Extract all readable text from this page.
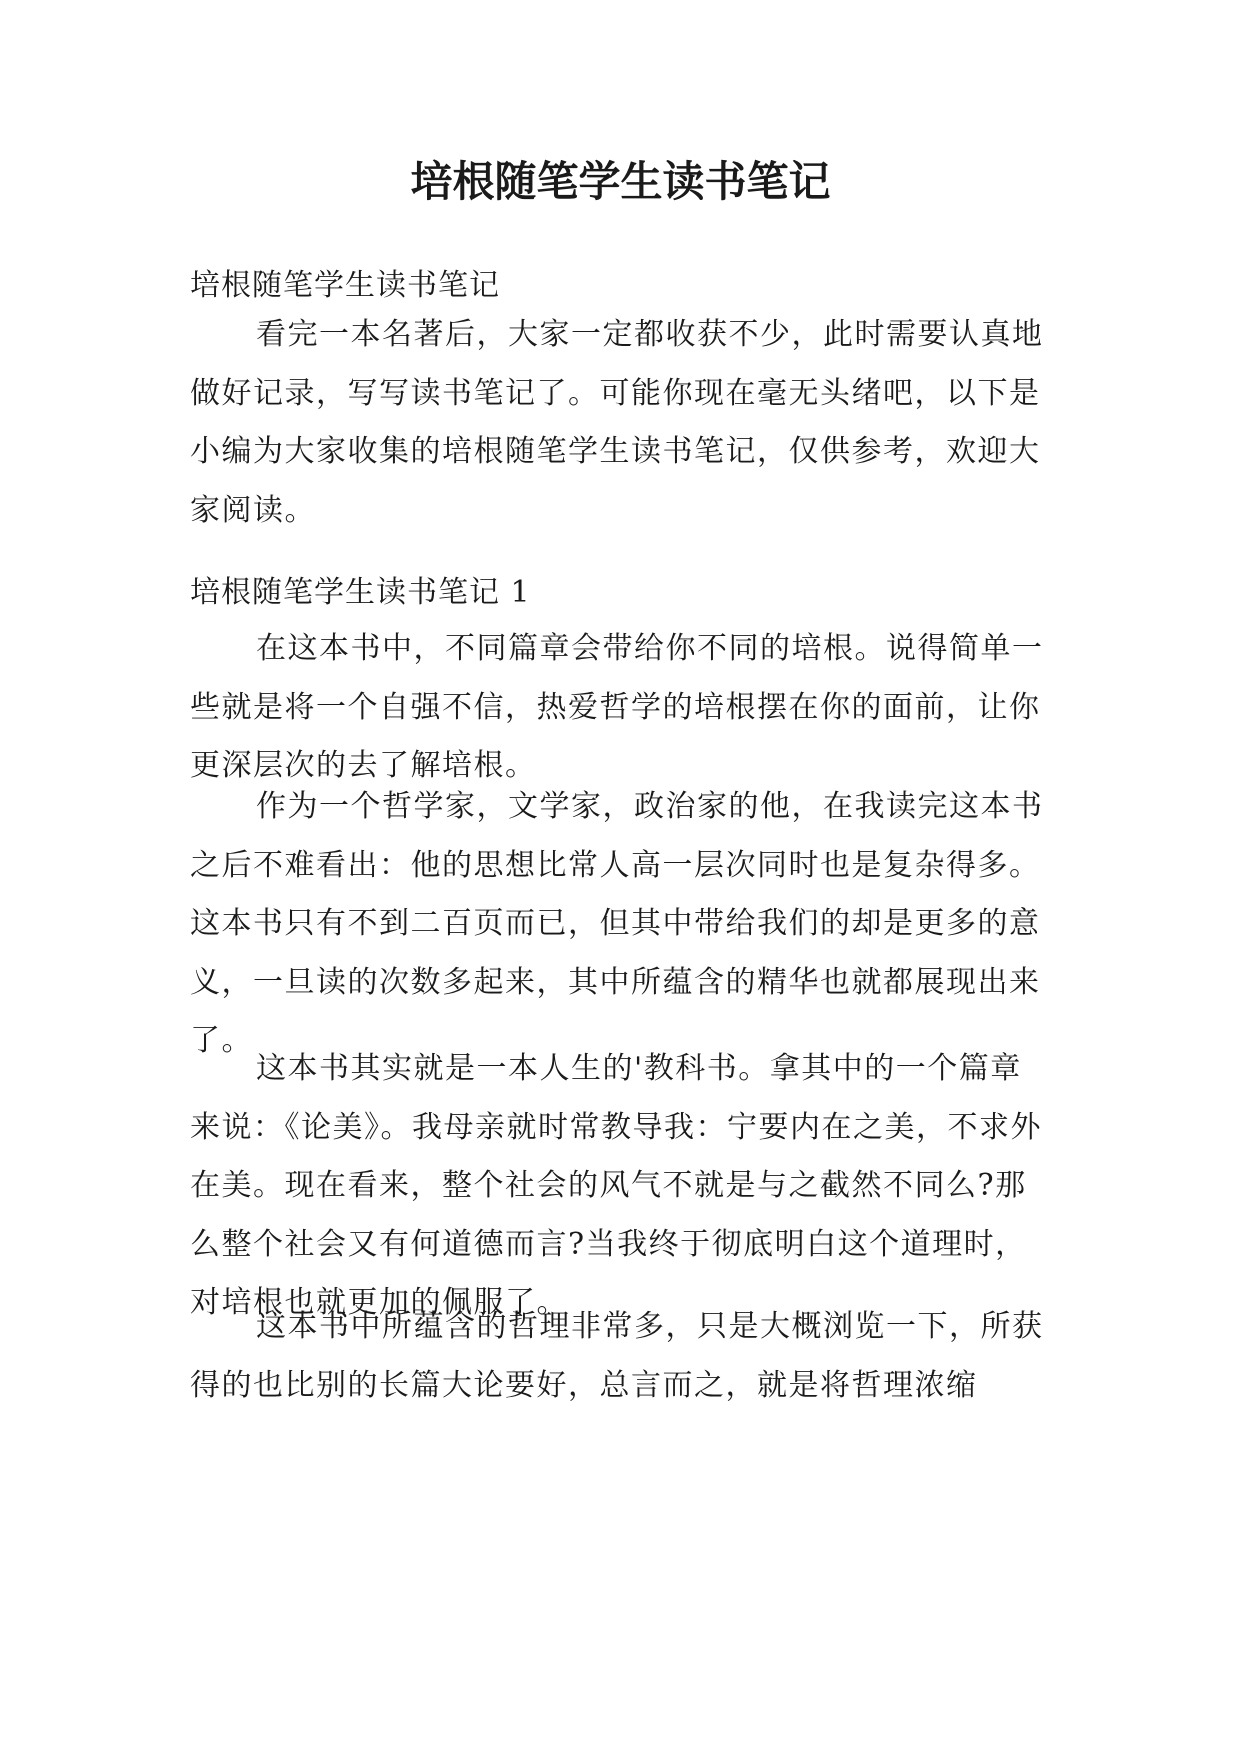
培根随笔学生读书笔记

培根随笔学生读书笔记

看完一本名著后，大家一定都收获不少，此时需要认真地做好记录，写写读书笔记了。可能你现在毫无头绪吧，以下是小编为大家收集的培根随笔学生读书笔记，仅供参考，欢迎大家阅读。

培根随笔学生读书笔记 1

在这本书中，不同篇章会带给你不同的培根。说得简单一些就是将一个自强不信，热爱哲学的培根摆在你的面前，让你更深层次的去了解培根。

作为一个哲学家，文学家，政治家的他，在我读完这本书之后不难看出：他的思想比常人高一层次同时也是复杂得多。这本书只有不到二百页而已，但其中带给我们的却是更多的意义，一旦读的次数多起来，其中所蕴含的精华也就都展现出来了。

这本书其实就是一本人生的'教科书。拿其中的一个篇章来说：《论美》。我母亲就时常教导我：宁要内在之美，不求外在美。现在看来，整个社会的风气不就是与之截然不同么?那么整个社会又有何道德而言?当我终于彻底明白这个道理时，对培根也就更加的佩服了。

这本书中所蕴含的哲理非常多，只是大概浏览一下，所获得的也比别的长篇大论要好，总言而之，就是将哲理浓缩
